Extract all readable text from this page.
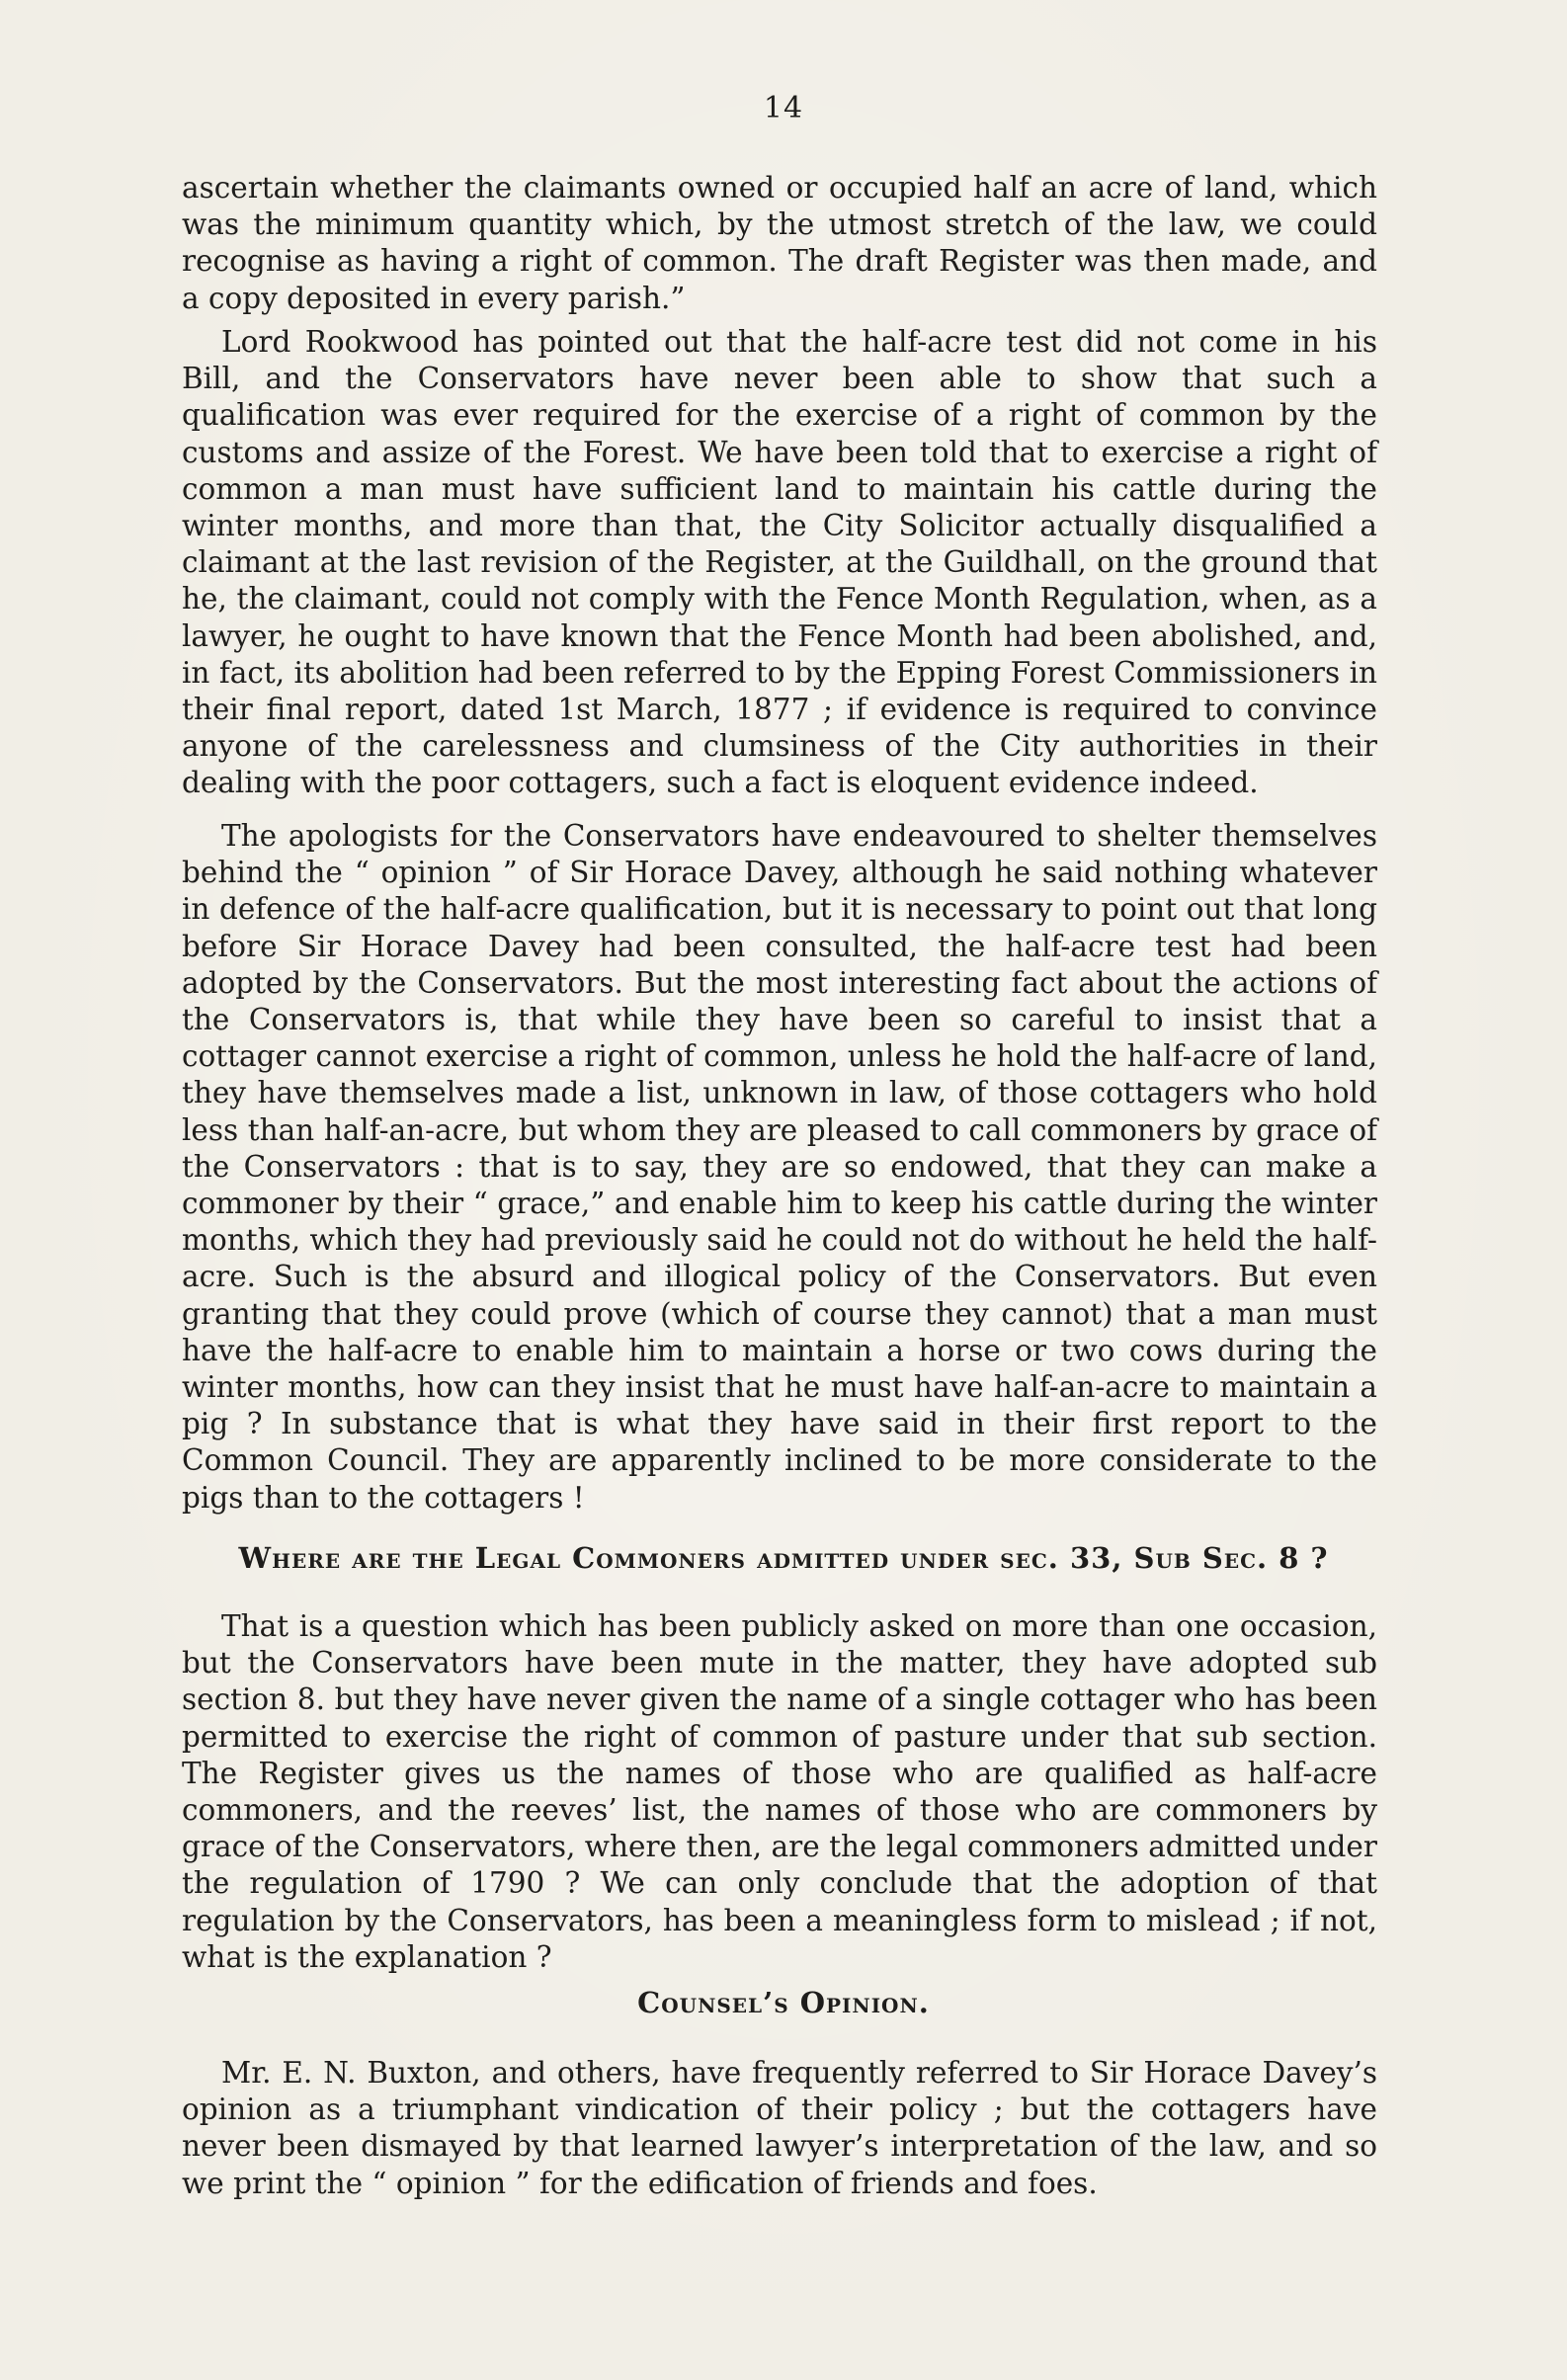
14

ascertain whether the claimants owned or occupied half an acre of land, which was the minimum quantity which, by the utmost stretch of the law, we could recognise as having a right of common. The draft Register was then made, and a copy deposited in every parish.”

Lord Rookwood has pointed out that the half-acre test did not come in his Bill, and the Conservators have never been able to show that such a qualification was ever required for the exercise of a right of common by the customs and assize of the Forest. We have been told that to exercise a right of common a man must have sufficient land to maintain his cattle during the winter months, and more than that, the City Solicitor actually disqualified a claimant at the last revision of the Register, at the Guildhall, on the ground that he, the claimant, could not comply with the Fence Month Regulation, when, as a lawyer, he ought to have known that the Fence Month had been abolished, and, in fact, its abolition had been referred to by the Epping Forest Commissioners in their final report, dated 1st March, 1877 ; if evidence is required to convince anyone of the carelessness and clumsiness of the City authorities in their dealing with the poor cottagers, such a fact is eloquent evidence indeed.

The apologists for the Conservators have endeavoured to shelter themselves behind the “ opinion ” of Sir Horace Davey, although he said nothing whatever in defence of the half-acre qualification, but it is necessary to point out that long before Sir Horace Davey had been consulted, the half-acre test had been adopted by the Conservators. But the most interesting fact about the actions of the Conservators is, that while they have been so careful to insist that a cottager cannot exercise a right of common, unless he hold the half-acre of land, they have themselves made a list, unknown in law, of those cottagers who hold less than half-an-acre, but whom they are pleased to call commoners by grace of the Conservators : that is to say, they are so endowed, that they can make a commoner by their “ grace,” and enable him to keep his cattle during the winter months, which they had previously said he could not do without he held the half-acre. Such is the absurd and illogical policy of the Conservators. But even granting that they could prove (which of course they cannot) that a man must have the half-acre to enable him to maintain a horse or two cows during the winter months, how can they insist that he must have half-an-acre to maintain a pig ? In substance that is what they have said in their first report to the Common Council. They are apparently inclined to be more considerate to the pigs than to the cottagers !

Where are the Legal Commoners admitted under sec. 33, Sub Sec. 8 ?

That is a question which has been publicly asked on more than one occasion, but the Conservators have been mute in the matter, they have adopted sub section 8. but they have never given the name of a single cottager who has been permitted to exercise the right of common of pasture under that sub section. The Register gives us the names of those who are qualified as half-acre commoners, and the reeves’ list, the names of those who are commoners by grace of the Conservators, where then, are the legal commoners admitted under the regulation of 1790 ? We can only conclude that the adoption of that regulation by the Conservators, has been a meaningless form to mislead ; if not, what is the explanation ?

Counsel’s Opinion.

Mr. E. N. Buxton, and others, have frequently referred to Sir Horace Davey’s opinion as a triumphant vindication of their policy ; but the cottagers have never been dismayed by that learned lawyer’s interpretation of the law, and so we print the “ opinion ” for the edification of friends and foes.
